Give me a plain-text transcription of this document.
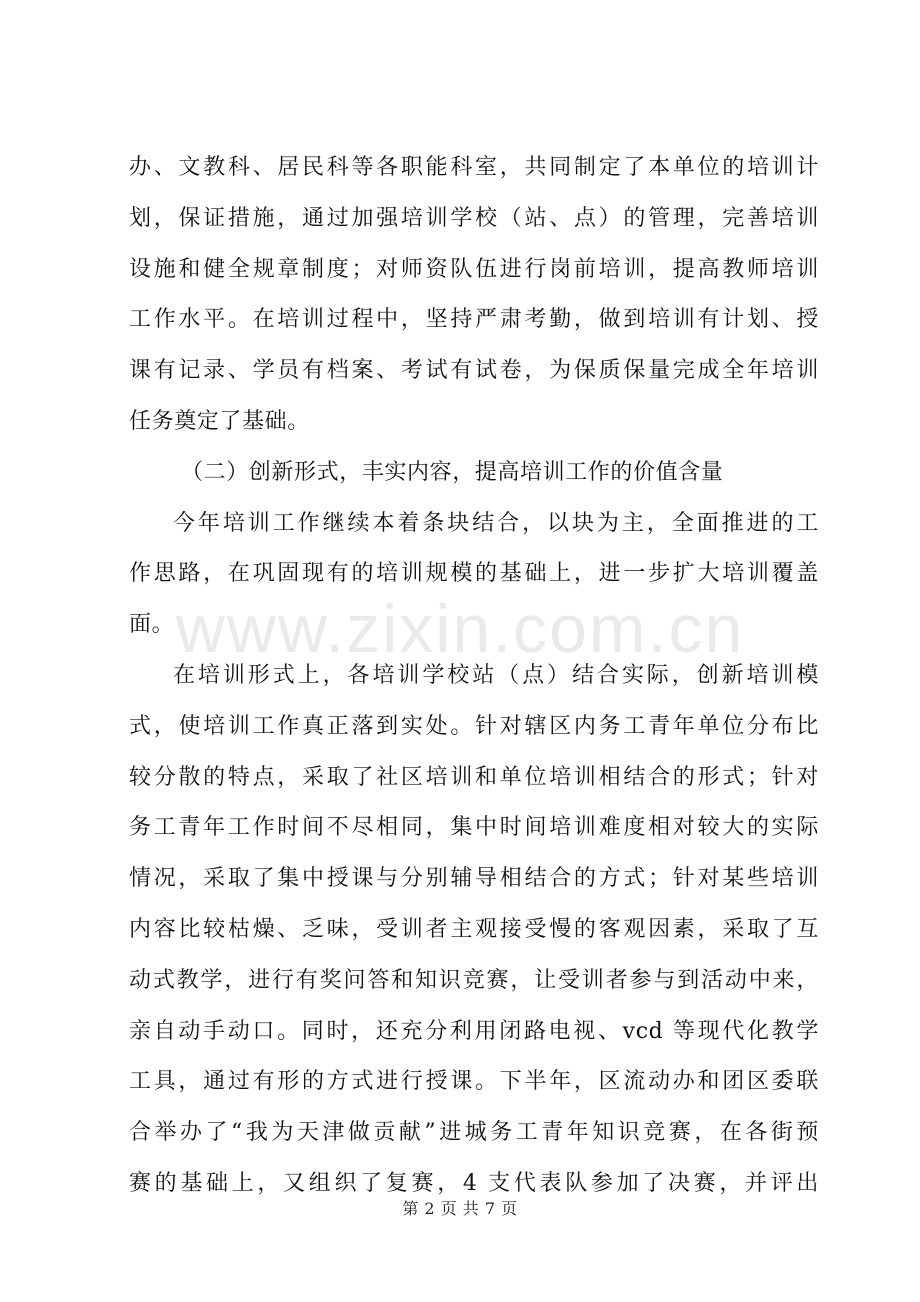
办、文教科、居民科等各职能科室，共同制定了本单位的培训计
划，保证措施，通过加强培训学校（站、点）的管理，完善培训
设施和健全规章制度；对师资队伍进行岗前培训，提高教师培训
工作水平。在培训过程中，坚持严肃考勤，做到培训有计划、授
课有记录、学员有档案、考试有试卷，为保质保量完成全年培训
任务奠定了基础。
（二）创新形式，丰实内容，提高培训工作的价值含量
今年培训工作继续本着条块结合，以块为主，全面推进的工
作思路，在巩固现有的培训规模的基础上，进一步扩大培训覆盖
面。
在培训形式上，各培训学校站（点）结合实际，创新培训模
式，使培训工作真正落到实处。针对辖区内务工青年单位分布比
较分散的特点，采取了社区培训和单位培训相结合的形式；针对
务工青年工作时间不尽相同，集中时间培训难度相对较大的实际
情况，采取了集中授课与分别辅导相结合的方式；针对某些培训
内容比较枯燥、乏味，受训者主观接受慢的客观因素，采取了互
动式教学，进行有奖问答和知识竞赛，让受训者参与到活动中来，
亲自动手动口。同时，还充分利用闭路电视、vcd 等现代化教学
工具，通过有形的方式进行授课。下半年，区流动办和团区委联
合举办了“我为天津做贡献”进城务工青年知识竞赛，在各街预
赛的基础上，又组织了复赛，4 支代表队参加了决赛，并评出
www.zixin.com.cn
第 2 页 共 7 页
